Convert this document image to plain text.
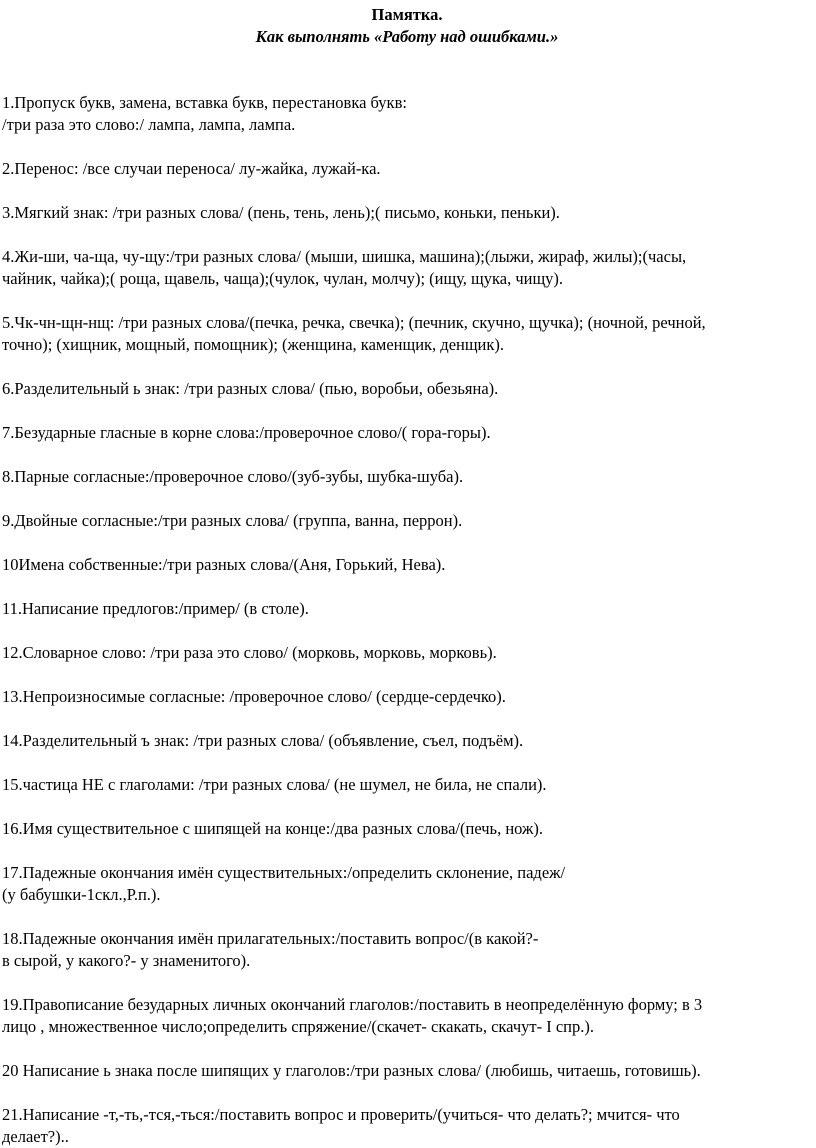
Памятка.

Как выполнять «Работу над ошибками.»

1.Пропуск букв, замена, вставка букв, перестановка букв:
/три раза это слово:/ лампа, лампа, лампа.

2.Перенос: /все случаи переноса/ лу-жайка, лужай-ка.

3.Мягкий знак: /три разных слова/ (пень, тень, лень);( письмо, коньки, пеньки).

4.Жи-ши, ча-ща, чу-щу:/три разных слова/ (мыши, шишка, машина);(лыжи, жираф, жилы);(часы,
чайник, чайка);( роща, щавель, чаща);(чулок, чулан, молчу); (ищу, щука, чищу).

5.Чк-чн-щн-нщ: /три разных слова/(печка, речка, свечка); (печник, скучно, щучка); (ночной, речной,
точно); (хищник, мощный, помощник); (женщина, каменщик, денщик).

6.Разделительный ь знак: /три разных слова/ (пью, воробьи, обезьяна).

7.Безударные гласные в корне слова:/проверочное слово/( гора-горы).

8.Парные согласные:/проверочное слово/(зуб-зубы, шубка-шуба).

9.Двойные согласные:/три разных слова/ (группа, ванна, перрон).

10Имена собственные:/три разных слова/(Аня, Горький, Нева).

11.Написание предлогов:/пример/ (в столе).

12.Словарное слово: /три раза это слово/ (морковь, морковь, морковь).

13.Непроизносимые согласные: /проверочное слово/ (сердце-сердечко).

14.Разделительный ъ знак: /три разных слова/ (объявление, съел, подъём).

15.частица НЕ с глаголами: /три разных слова/ (не шумел, не била, не спали).

16.Имя существительное с шипящей на конце:/два разных слова/(печь, нож).

17.Падежные окончания имён существительных:/определить склонение, падеж/
(у бабушки-1скл.,Р.п.).

18.Падежные окончания имён прилагательных:/поставить вопрос/(в какой?-
в сырой, у какого?- у знаменитого).

19.Правописание безударных личных окончаний глаголов:/поставить в неопределённую форму; в 3
лицо , множественное число;определить спряжение/(скачет- скакать, скачут- I спр.).

20 Написание ь знака после шипящих у глаголов:/три разных слова/ (любишь, читаешь, готовишь).

21.Написание -т,-ть,-тся,-ться:/поставить вопрос и проверить/(учиться- что делать?; мчится- что
делает?)..
